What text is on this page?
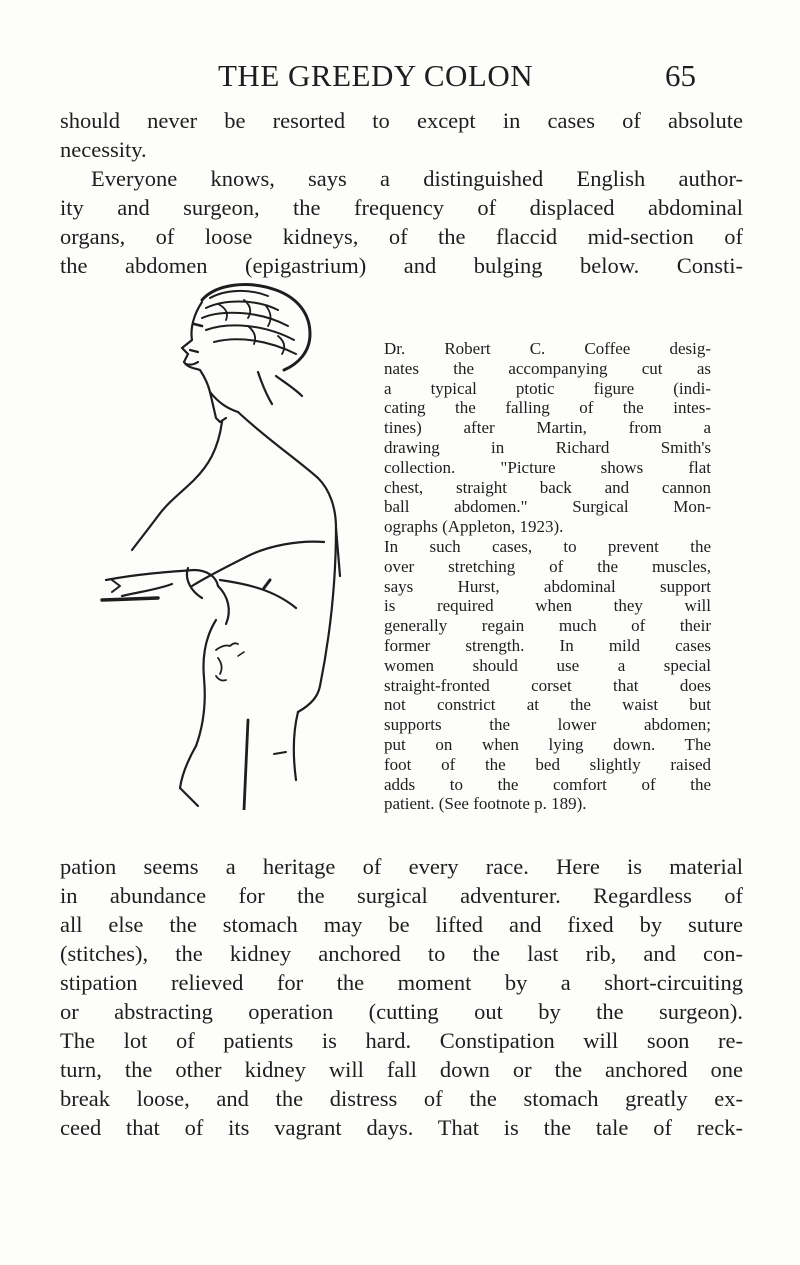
THE GREEDY COLON	65

should never be resorted to except in cases of absolute
necessity.
Everyone knows, says a distinguished English author-
ity and surgeon, the frequency of displaced abdominal
organs, of loose kidneys, of the flaccid mid-section of
the abdomen (epigastrium) and bulging below. Consti-

Dr. Robert C. Coffee desig-
nates the accompanying cut as
a typical ptotic figure (indi-
cating the falling of the intes-
tines) after Martin, from a
drawing in Richard Smith's
collection. "Picture shows flat
chest, straight back and cannon
ball abdomen." Surgical Mon-
ographs (Appleton, 1923).
In such cases, to prevent the
over stretching of the muscles,
says Hurst, abdominal support
is required when they will
generally regain much of their
former strength. In mild cases
women should use a special
straight-fronted corset that does
not constrict at the waist but
supports the lower abdomen;
put on when lying down. The
foot of the bed slightly raised
adds to the comfort of the
patient. (See footnote p. 189).

pation seems a heritage of every race. Here is material
in abundance for the surgical adventurer. Regardless of
all else the stomach may be lifted and fixed by suture
(stitches), the kidney anchored to the last rib, and con-
stipation relieved for the moment by a short-circuiting
or abstracting operation (cutting out by the surgeon).
The lot of patients is hard. Constipation will soon re-
turn, the other kidney will fall down or the anchored one
break loose, and the distress of the stomach greatly ex-
ceed that of its vagrant days. That is the tale of reck-
